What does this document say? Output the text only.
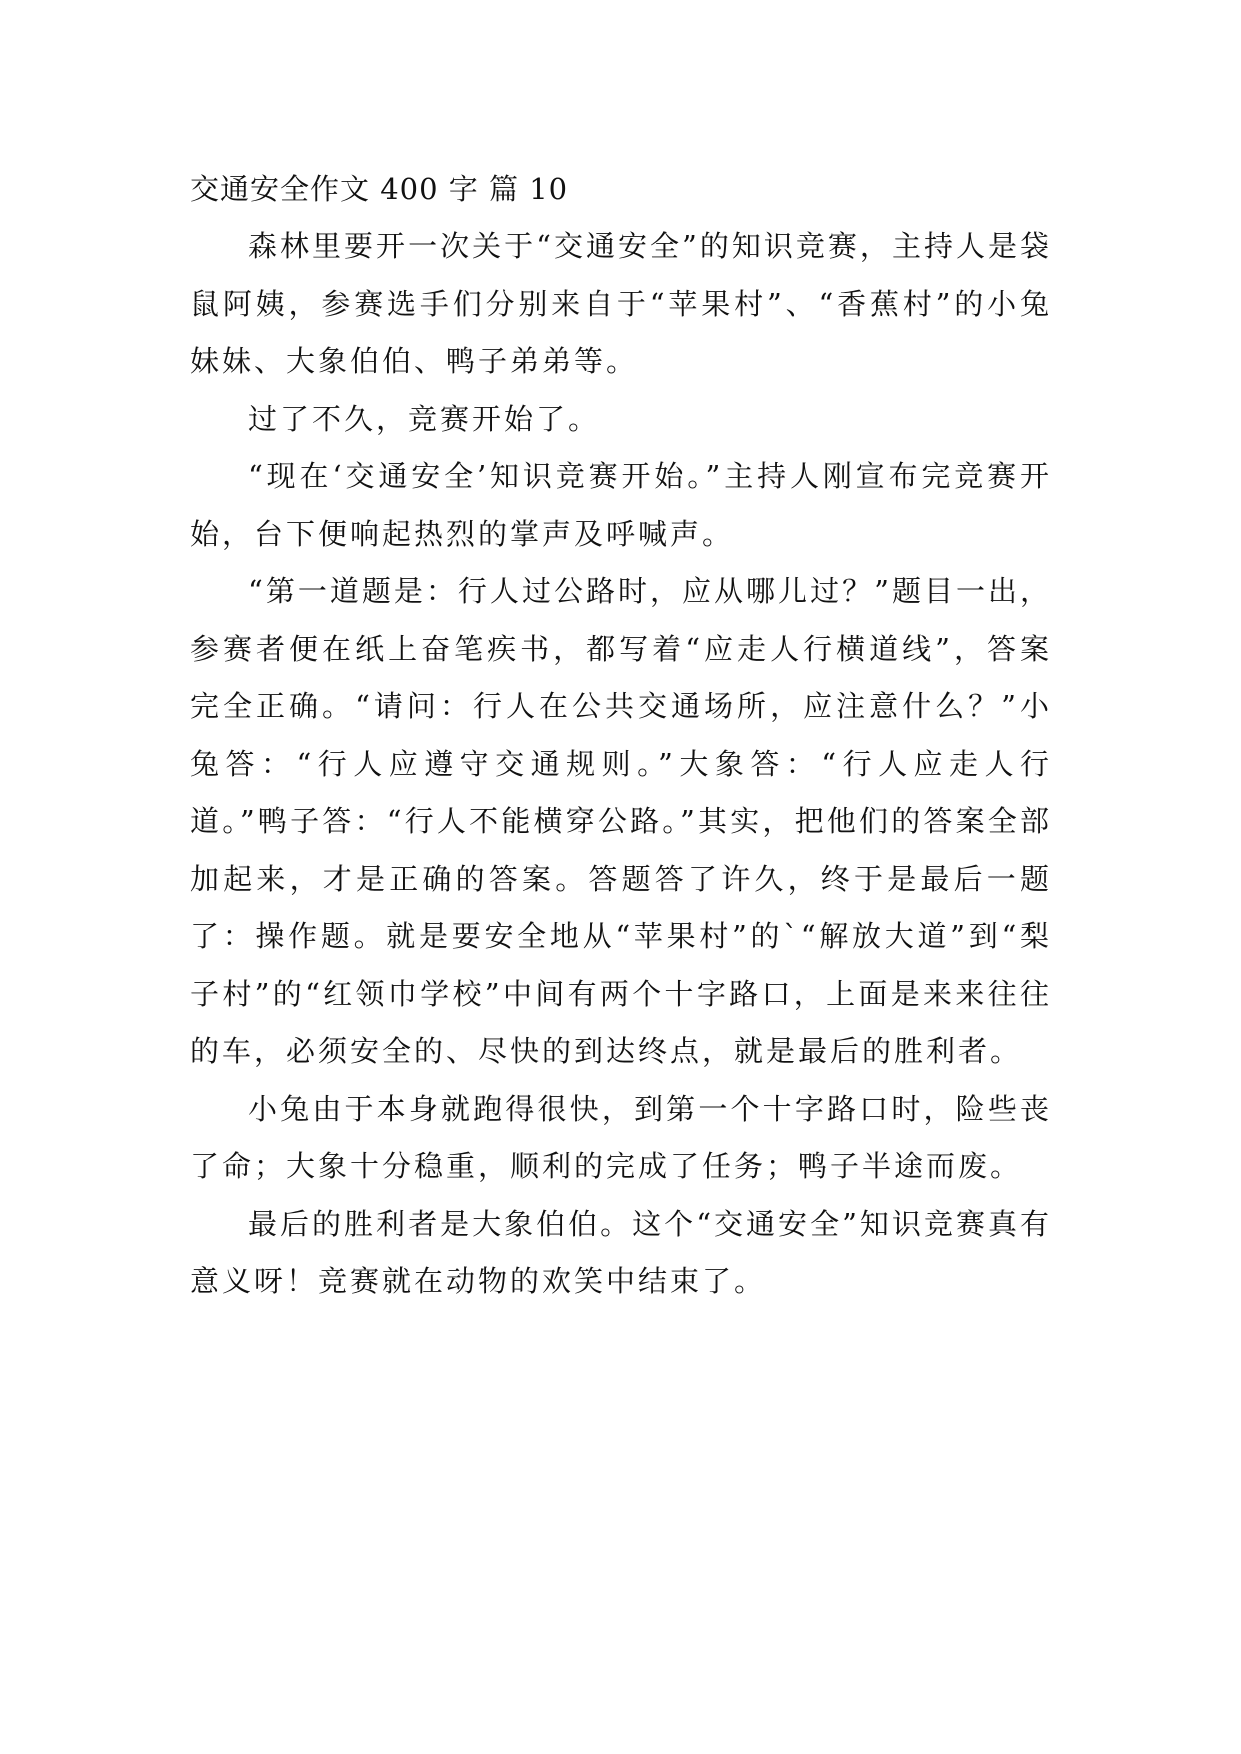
交通安全作文 400 字 篇 10

森林里要开一次关于“交通安全”的知识竞赛，主持人是袋鼠阿姨，参赛选手们分别来自于“苹果村”、“香蕉村”的小兔妹妹、大象伯伯、鸭子弟弟等。

过了不久，竞赛开始了。

“现在‘交通安全’知识竞赛开始。”主持人刚宣布完竞赛开始，台下便响起热烈的掌声及呼喊声。

“第一道题是：行人过公路时，应从哪儿过？”题目一出，参赛者便在纸上奋笔疾书，都写着“应走人行横道线”，答案完全正确。“请问：行人在公共交通场所，应注意什么？”小兔答：“行人应遵守交通规则。”大象答：“行人应走人行道。”鸭子答：“行人不能横穿公路。”其实，把他们的答案全部加起来，才是正确的答案。答题答了许久，终于是最后一题了：操作题。就是要安全地从“苹果村”的`“解放大道”到“梨子村”的“红领巾学校”中间有两个十字路口，上面是来来往往的车，必须安全的、尽快的到达终点，就是最后的胜利者。

小兔由于本身就跑得很快，到第一个十字路口时，险些丧了命；大象十分稳重，顺利的完成了任务；鸭子半途而废。

最后的胜利者是大象伯伯。这个“交通安全”知识竞赛真有意义呀！竞赛就在动物的欢笑中结束了。
